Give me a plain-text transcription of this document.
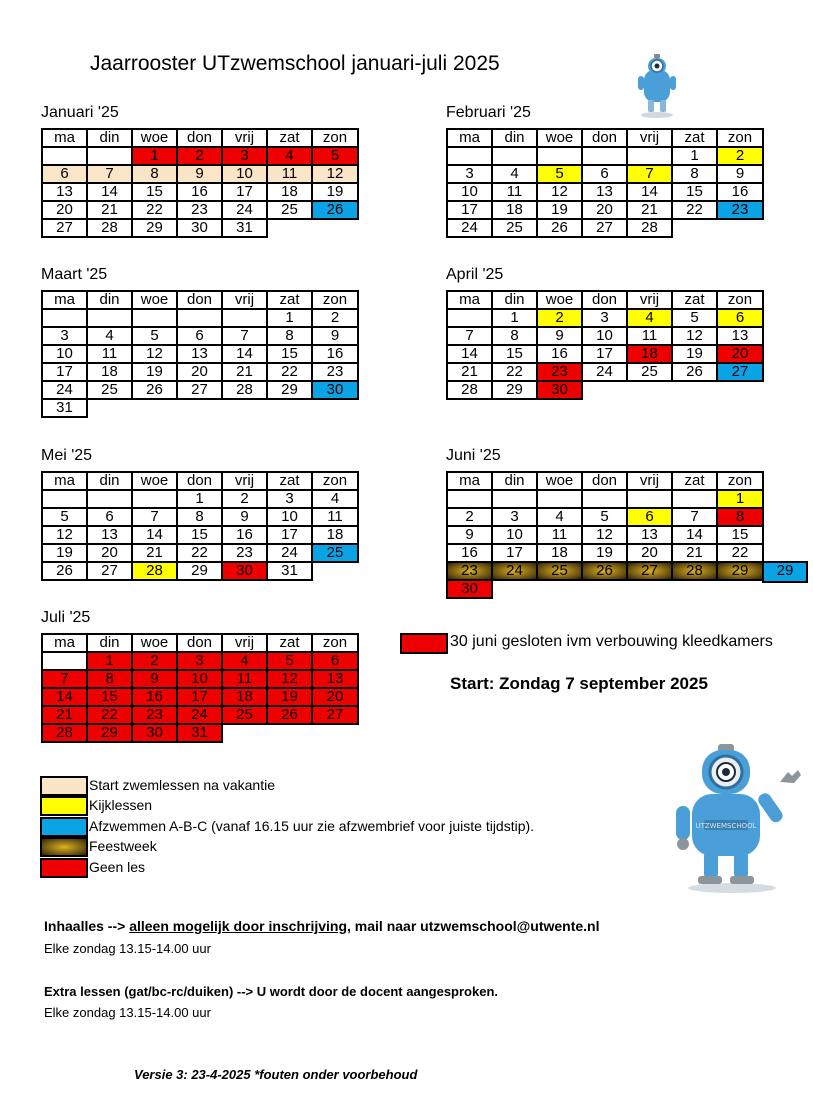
Jaarrooster UTzwemschool januari-juli 2025
Januari '25
ma	din	woe	don	vrij	zat	zon
		1	2	3	4	5
6	7	8	9	10	11	12
13	14	15	16	17	18	19
20	21	22	23	24	25	26
27	28	29	30	31		
Februari '25
ma	din	woe	don	vrij	zat	zon
					1	2
3	4	5	6	7	8	9
10	11	12	13	14	15	16
17	18	19	20	21	22	23
24	25	26	27	28		
Maart '25
ma	din	woe	don	vrij	zat	zon
					1	2
3	4	5	6	7	8	9
10	11	12	13	14	15	16
17	18	19	20	21	22	23
24	25	26	27	28	29	30
31						
April '25
ma	din	woe	don	vrij	zat	zon
	1	2	3	4	5	6
7	8	9	10	11	12	13
14	15	16	17	18	19	20
21	22	23	24	25	26	27
28	29	30				
Mei '25
ma	din	woe	don	vrij	zat	zon
			1	2	3	4
5	6	7	8	9	10	11
12	13	14	15	16	17	18
19	20	21	22	23	24	25
26	27	28	29	30	31	
Juni '25
ma	din	woe	don	vrij	zat	zon
						1
2	3	4	5	6	7	8
9	10	11	12	13	14	15
16	17	18	19	20	21	22
23	24	25	26	27	28	29 29

30						
Juli '25
ma	din	woe	don	vrij	zat	zon
	1	2	3	4	5	6
7	8	9	10	11	12	13
14	15	16	17	18	19	20
21	22	23	24	25	26	27
28	29	30	31			
30 juni gesloten ivm verbouwing kleedkamers
Start: Zondag 7 september 2025
Start zwemlessen na vakantie
Kijklessen
Afzwemmen A-B-C (vanaf 16.15 uur zie afzwembrief voor juiste tijdstip).
Feestweek
Geen les
Inhaalles --> alleen mogelijk door inschrijving, mail naar utzwemschool@utwente.nl
Elke zondag 13.15-14.00 uur
Extra lessen (gat/bc-rc/duiken) --> U wordt door de docent aangesproken.
Elke zondag 13.15-14.00 uur
Versie 3: 23-4-2025 *fouten onder voorbehoud
UTZWEMSCHOOL
